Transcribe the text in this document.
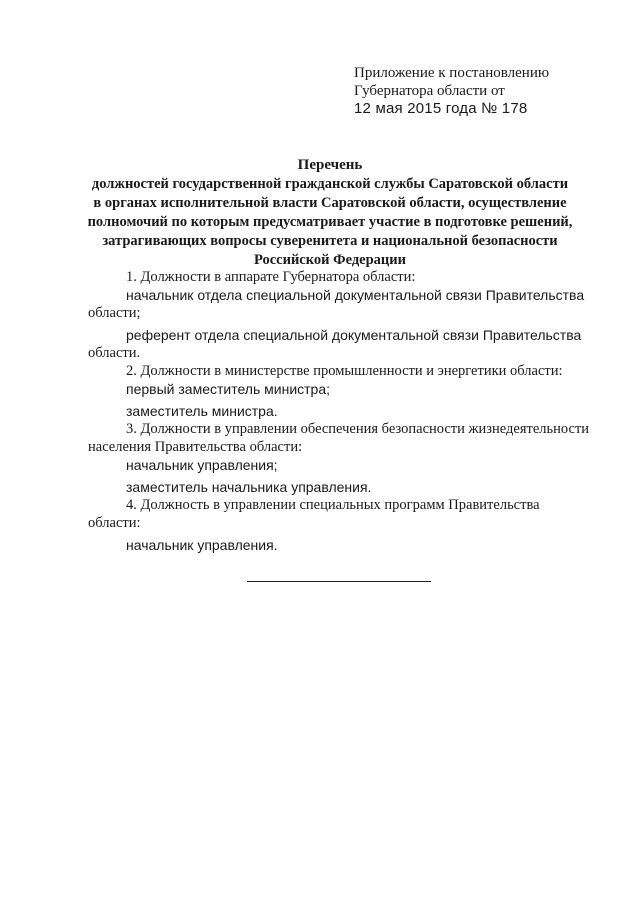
Приложение к постановлению
Губернатора области от
12 мая 2015 года № 178
Перечень
должностей государственной гражданской службы Саратовской области
в органах исполнительной власти Саратовской области, осуществление
полномочий по которым предусматривает участие в подготовке решений,
затрагивающих вопросы суверенитета и национальной безопасности
Российской Федерации

1. Должности в аппарате Губернатора области:

начальник отдела специальной документальной связи Правительства

области;

референт отдела специальной документальной связи Правительства

области.

2. Должности в министерстве промышленности и энергетики области:

первый заместитель министра;

заместитель министра.

3. Должности в управлении обеспечения безопасности жизнедеятельности

населения Правительства области:

начальник управления;

заместитель начальника управления.

4. Должность в управлении специальных программ Правительства

области:

начальник управления.
